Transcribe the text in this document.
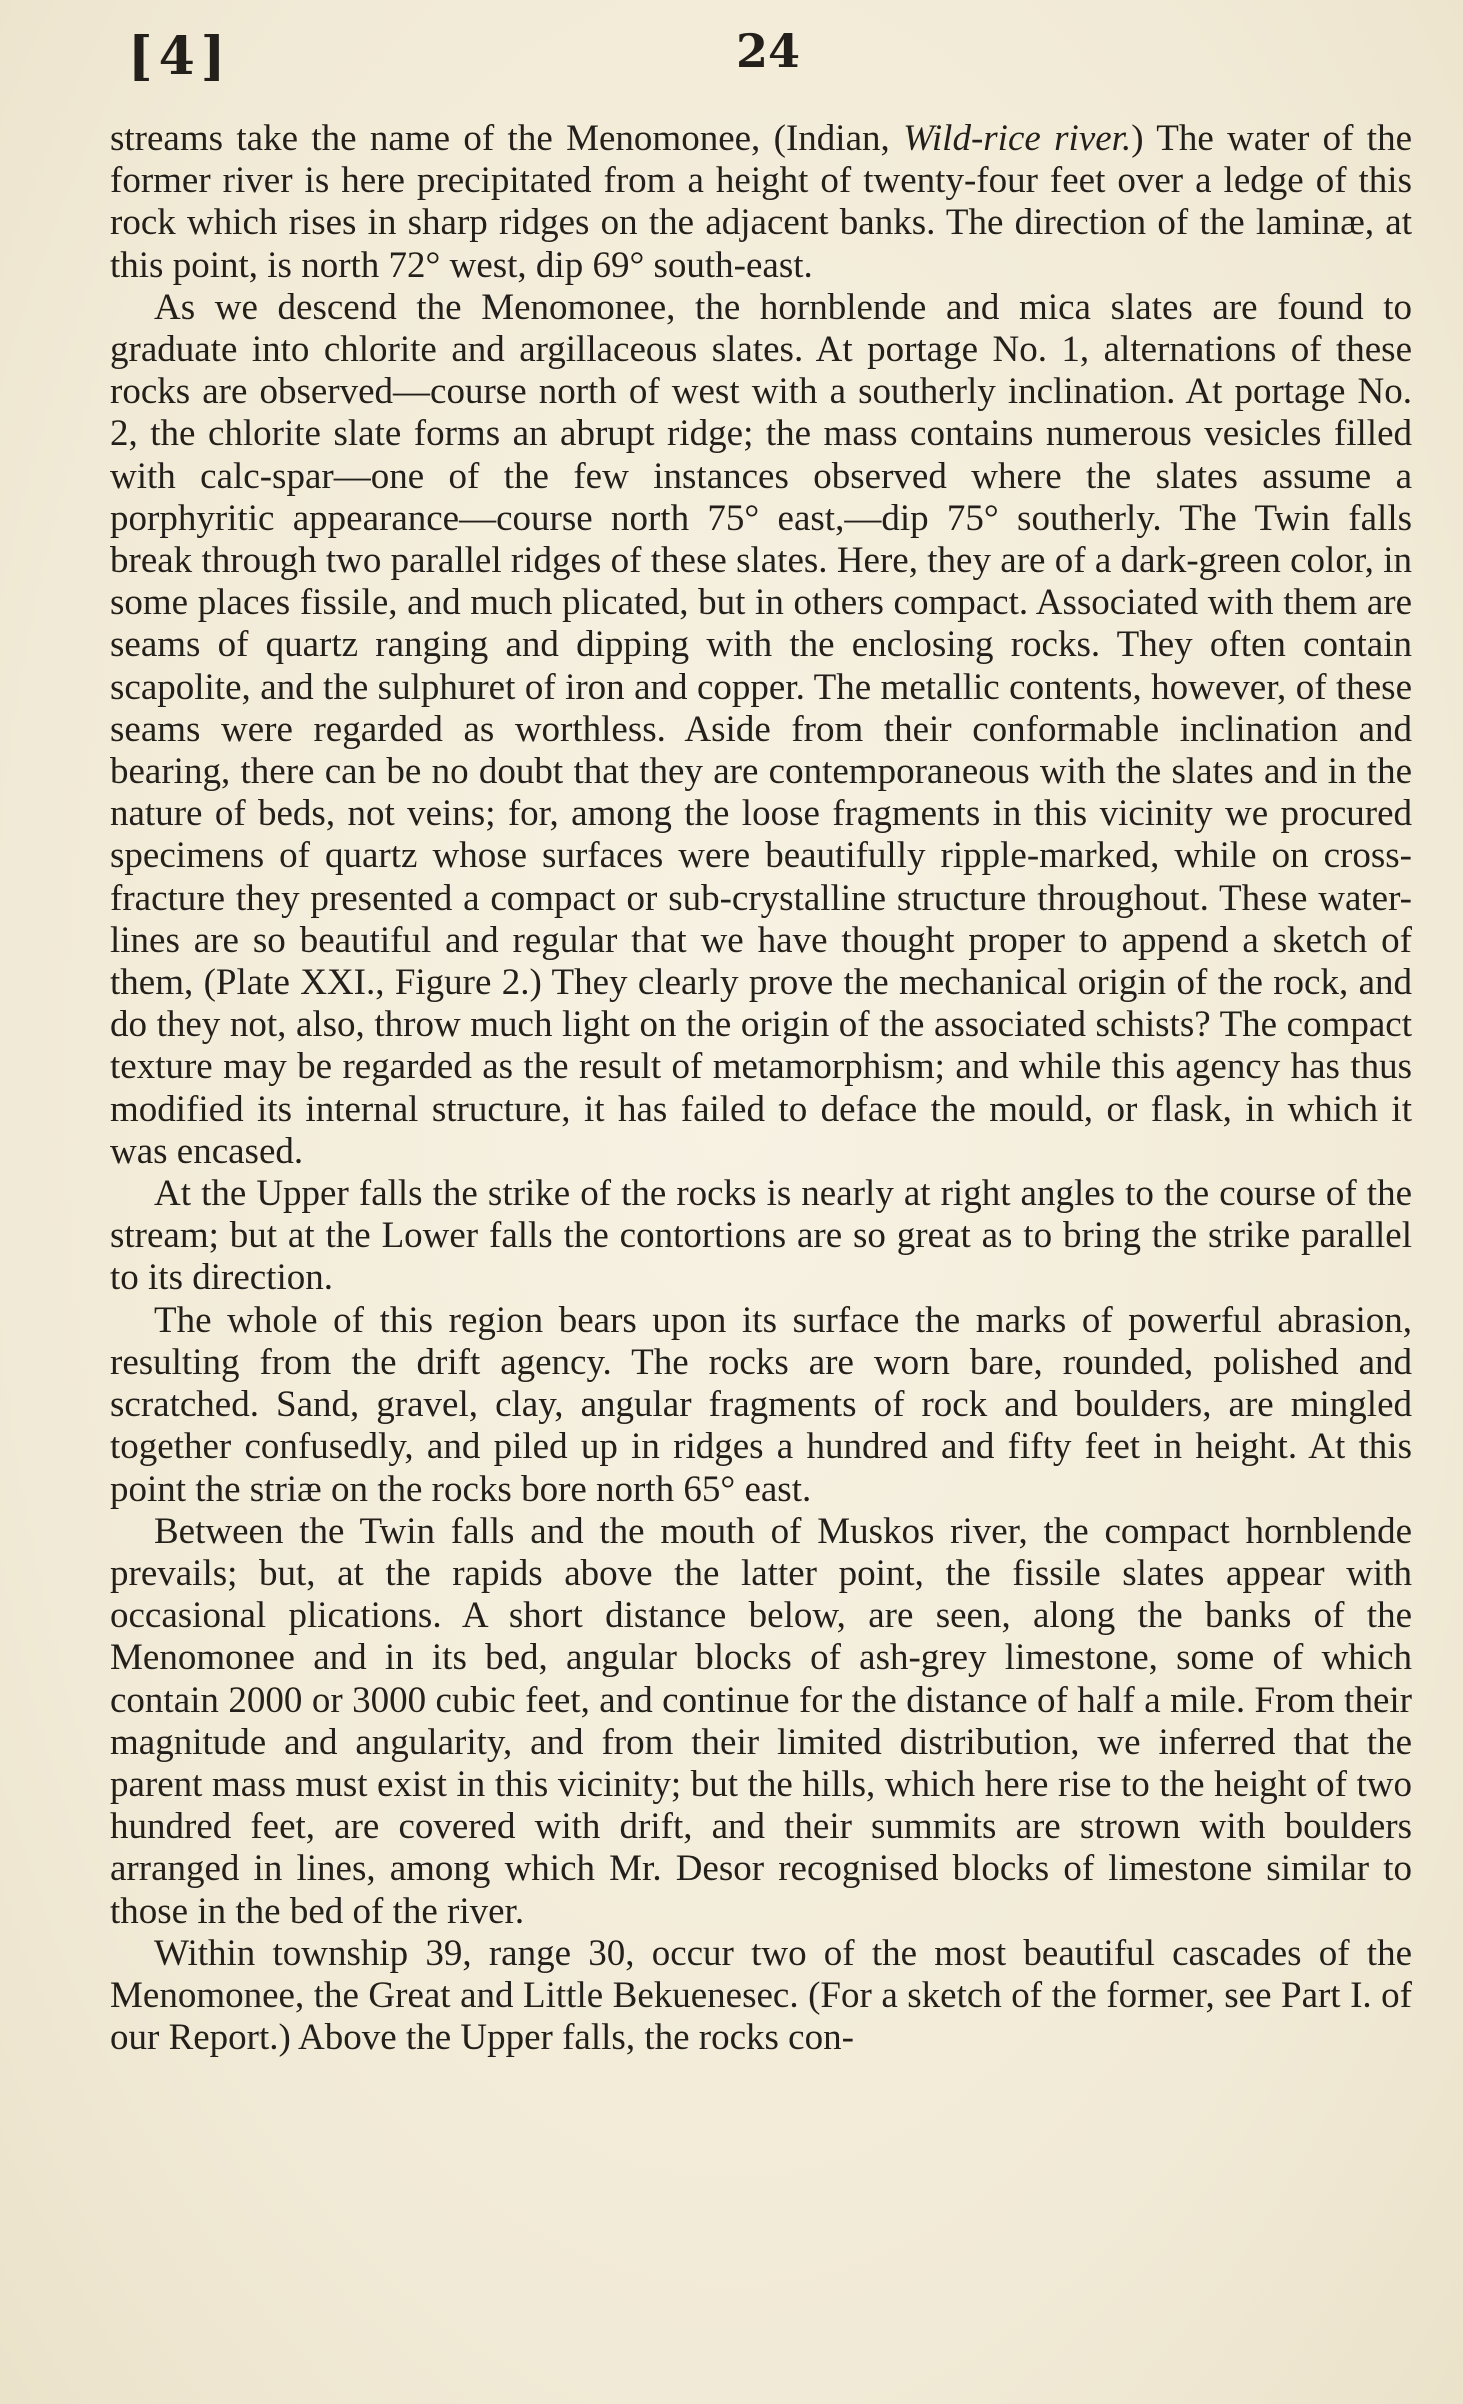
[4]	24

streams take the name of the Menomonee, (Indian, Wild-rice river.) The water of the former river is here precipitated from a height of twenty-four feet over a ledge of this rock which rises in sharp ridges on the adjacent banks. The direction of the laminæ, at this point, is north 72° west, dip 69° south-east.

As we descend the Menomonee, the hornblende and mica slates are found to graduate into chlorite and argillaceous slates. At portage No. 1, alternations of these rocks are observed—course north of west with a southerly inclination. At portage No. 2, the chlorite slate forms an abrupt ridge; the mass contains numerous vesicles filled with calc-spar—one of the few instances observed where the slates assume a porphyritic appearance—course north 75° east,—dip 75° southerly. The Twin falls break through two parallel ridges of these slates. Here, they are of a dark-green color, in some places fissile, and much plicated, but in others compact. Associated with them are seams of quartz ranging and dipping with the enclosing rocks. They often contain scapolite, and the sulphuret of iron and copper. The metallic contents, however, of these seams were regarded as worthless. Aside from their conformable inclination and bearing, there can be no doubt that they are contemporaneous with the slates and in the nature of beds, not veins; for, among the loose fragments in this vicinity we procured specimens of quartz whose surfaces were beautifully ripple-marked, while on cross-fracture they presented a compact or sub-crystalline structure throughout. These water-lines are so beautiful and regular that we have thought proper to append a sketch of them, (Plate XXI., Figure 2.) They clearly prove the mechanical origin of the rock, and do they not, also, throw much light on the origin of the associated schists? The compact texture may be regarded as the result of metamorphism; and while this agency has thus modified its internal structure, it has failed to deface the mould, or flask, in which it was encased.

At the Upper falls the strike of the rocks is nearly at right angles to the course of the stream; but at the Lower falls the contortions are so great as to bring the strike parallel to its direction.

The whole of this region bears upon its surface the marks of powerful abrasion, resulting from the drift agency. The rocks are worn bare, rounded, polished and scratched. Sand, gravel, clay, angular fragments of rock and boulders, are mingled together confusedly, and piled up in ridges a hundred and fifty feet in height. At this point the striæ on the rocks bore north 65° east.

Between the Twin falls and the mouth of Muskos river, the compact hornblende prevails; but, at the rapids above the latter point, the fissile slates appear with occasional plications. A short distance below, are seen, along the banks of the Menomonee and in its bed, angular blocks of ash-grey limestone, some of which contain 2000 or 3000 cubic feet, and continue for the distance of half a mile. From their magnitude and angularity, and from their limited distribution, we inferred that the parent mass must exist in this vicinity; but the hills, which here rise to the height of two hundred feet, are covered with drift, and their summits are strown with boulders arranged in lines, among which Mr. Desor recognised blocks of limestone similar to those in the bed of the river.

Within township 39, range 30, occur two of the most beautiful cascades of the Menomonee, the Great and Little Bekuenesec. (For a sketch of the former, see Part I. of our Report.) Above the Upper falls, the rocks con-
